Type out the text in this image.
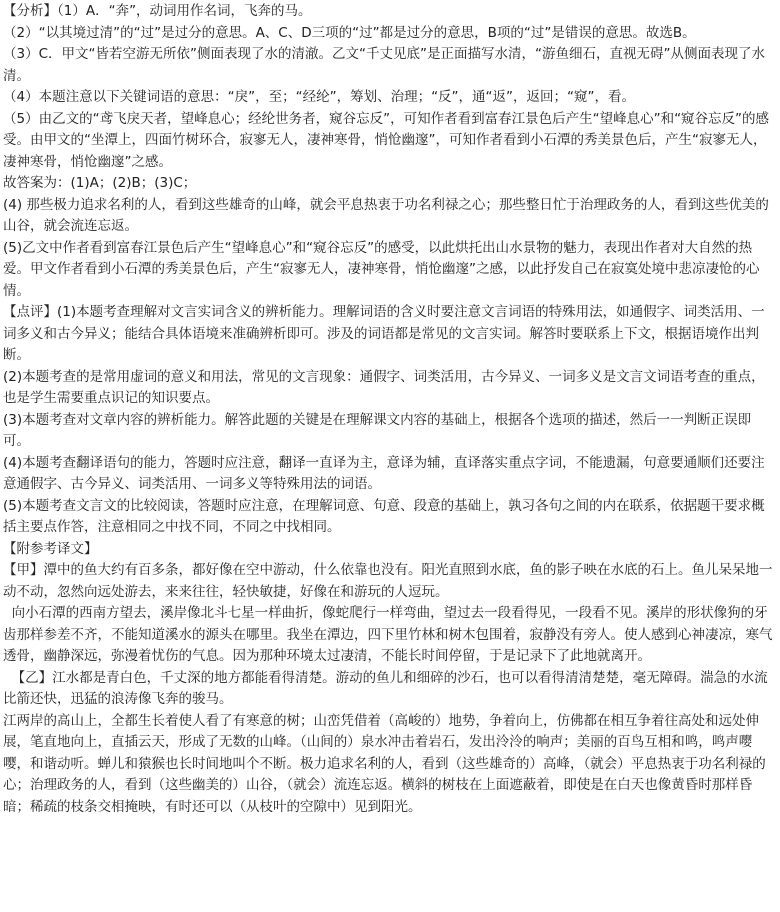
【分析】（1）A．“奔”，动词用作名词，飞奔的马。

（2）“以其境过清”的“过”是过分的意思。A、C、D三项的“过”都是过分的意思，B项的“过”是错误的意思。故选B。

（3）C．甲文“皆若空游无所依”侧面表现了水的清澈。乙文“千丈见底”是正面描写水清，“游鱼细石，直视无碍”从侧面表现了水清。

（4）本题注意以下关键词语的意思：“戾”，至；“经纶”，筹划、治理；“反”，通“返”，返回；“窥”，看。

（5）由乙文的“鸢飞戾天者，望峰息心；经纶世务者，窥谷忘反”，可知作者看到富春江景色后产生“望峰息心”和“窥谷忘反”的感受。由甲文的“坐潭上，四面竹树环合，寂寥无人，凄神寒骨，悄怆幽邃”，可知作者看到小石潭的秀美景色后，产生“寂寥无人，凄神寒骨，悄怆幽邃”之感。

故答案为：(1)A；(2)B；(3)C；

(4) 那些极力追求名利的人，看到这些雄奇的山峰，就会平息热衷于功名利禄之心；那些整日忙于治理政务的人，看到这些优美的山谷，就会流连忘返。

(5)乙文中作者看到富春江景色后产生“望峰息心”和“窥谷忘反”的感受，以此烘托出山水景物的魅力，表现出作者对大自然的热爱。甲文作者看到小石潭的秀美景色后，产生“寂寥无人，凄神寒骨，悄怆幽邃”之感，以此抒发自己在寂寞处境中悲凉凄怆的心情。

【点评】(1)本题考查理解对文言实词含义的辨析能力。理解词语的含义时要注意文言词语的特殊用法，如通假字、词类活用、一词多义和古今异义；能结合具体语境来准确辨析即可。涉及的词语都是常见的文言实词。解答时要联系上下文，根据语境作出判断。

(2)本题考查的是常用虚词的意义和用法，常见的文言现象：通假字、词类活用，古今异义、一词多义是文言文词语考查的重点，也是学生需要重点识记的知识要点。

(3)本题考查对文章内容的辨析能力。解答此题的关键是在理解课文内容的基础上，根据各个选项的描述，然后一一判断正误即可。

(4)本题考查翻译语句的能力，答题时应注意，翻译一直译为主，意译为辅，直译落实重点字词，不能遗漏，句意要通顺们还要注意通假字、古今异义、词类活用、一词多义等特殊用法的词语。

(5)本题考查文言文的比较阅读，答题时应注意，在理解词意、句意、段意的基础上，孰习各句之间的内在联系，依据题干要求概括主要点作答，注意相同之中找不同，不同之中找相同。

【附参考译文】

【甲】潭中的鱼大约有百多条，都好像在空中游动，什么依靠也没有。阳光直照到水底，鱼的影子映在水底的石上。鱼儿呆呆地一动不动，忽然向远处游去，来来往往，轻快敏捷，好像在和游玩的人逗玩。

向小石潭的西南方望去，溪岸像北斗七星一样曲折，像蛇爬行一样弯曲，望过去一段看得见，一段看不见。溪岸的形状像狗的牙齿那样参差不齐，不能知道溪水的源头在哪里。我坐在潭边，四下里竹林和树木包围着，寂静没有旁人。使人感到心神凄凉，寒气透骨，幽静深远，弥漫着忧伤的气息。因为那种环境太过凄清，不能长时间停留，于是记录下了此地就离开。

【乙】江水都是青白色，千丈深的地方都能看得清楚。游动的鱼儿和细碎的沙石，也可以看得清清楚楚，毫无障碍。湍急的水流比箭还快，迅猛的浪涛像飞奔的骏马。

江两岸的高山上，全都生长着使人看了有寒意的树；山峦凭借着（高峻的）地势，争着向上，仿佛都在相互争着往高处和远处伸展，笔直地向上，直插云天，形成了无数的山峰。（山间的）泉水冲击着岩石，发出泠泠的响声；美丽的百鸟互相和鸣，鸣声嘤嘤，和谐动听。蝉儿和猿猴也长时间地叫个不断。极力追求名利的人，看到（这些雄奇的）高峰，（就会）平息热衷于功名利禄的心；治理政务的人，看到（这些幽美的）山谷，（就会）流连忘返。横斜的树枝在上面遮蔽着，即使是在白天也像黄昏时那样昏暗；稀疏的枝条交相掩映，有时还可以（从枝叶的空隙中）见到阳光。
